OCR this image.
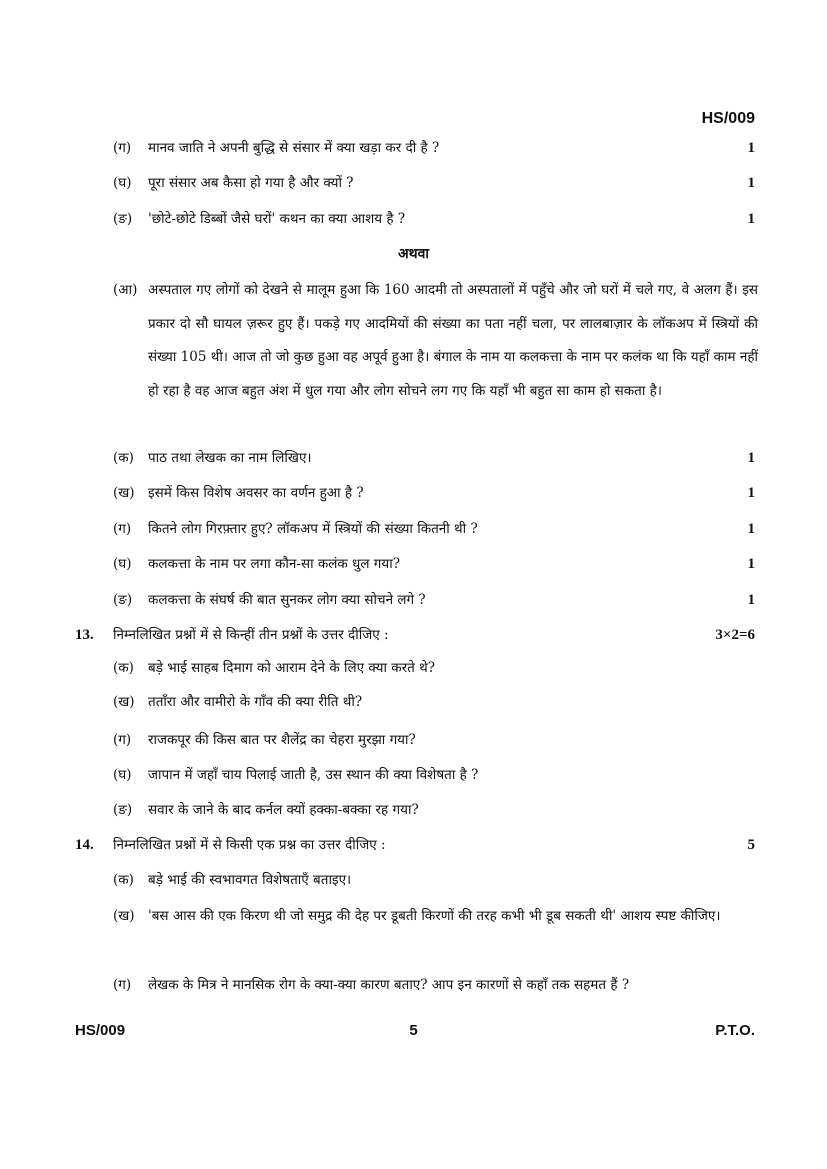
HS/009
(ग) मानव जाति ने अपनी बुद्धि से संसार में क्या खड़ा कर दी है ?	1
(घ) पूरा संसार अब कैसा हो गया है और क्यों ?	1
(ङ) 'छोटे-छोटे डिब्बों जैसे घरों' कथन का क्या आशय है ?	1
अथवा
(आ) अस्पताल गए लोगों को देखने से मालूम हुआ कि 160 आदमी तो अस्पतालों में पहुँचे और जो घरों में चले गए, वे अलग हैं। इस प्रकार दो सौ घायल ज़रूर हुए हैं। पकड़े गए आदमियों की संख्या का पता नहीं चला, पर लालबाज़ार के लॉकअप में स्त्रियों की संख्या 105 थी। आज तो जो कुछ हुआ वह अपूर्व हुआ है। बंगाल के नाम या कलकत्ता के नाम पर कलंक था कि यहाँ काम नहीं हो रहा है वह आज बहुत अंश में धुल गया और लोग सोचने लग गए कि यहाँ भी बहुत सा काम हो सकता है।
(क) पाठ तथा लेखक का नाम लिखिए।	1
(ख) इसमें किस विशेष अवसर का वर्णन हुआ है ?	1
(ग) कितने लोग गिरफ़्तार हुए? लॉकअप में स्त्रियों की संख्या कितनी थी ?	1
(घ) कलकत्ता के नाम पर लगा कौन-सा कलंक धुल गया?	1
(ङ) कलकत्ता के संघर्ष की बात सुनकर लोग क्या सोचने लगे ?	1
13. निम्नलिखित प्रश्नों में से किन्हीं तीन प्रश्नों के उत्तर दीजिए :	3×2=6
(क) बड़े भाई साहब दिमाग को आराम देने के लिए क्या करते थे?
(ख) तताँरा और वामीरो के गाँव की क्या रीति थी?
(ग) राजकपूर की किस बात पर शैलेंद्र का चेहरा मुरझा गया?
(घ) जापान में जहाँ चाय पिलाई जाती है, उस स्थान की क्या विशेषता है ?
(ङ) सवार के जाने के बाद कर्नल क्यों हक्का-बक्का रह गया?
14. निम्नलिखित प्रश्नों में से किसी एक प्रश्न का उत्तर दीजिए :	5
(क) बड़े भाई की स्वभावगत विशेषताएँ बताइए।
(ख) 'बस आस की एक किरण थी जो समुद्र की देह पर डूबती किरणों की तरह कभी भी डूब सकती थी' आशय स्पष्ट कीजिए।
(ग) लेखक के मित्र ने मानसिक रोग के क्या-क्या कारण बताए? आप इन कारणों से कहाँ तक सहमत हैं ?
HS/009	5	P.T.O.
